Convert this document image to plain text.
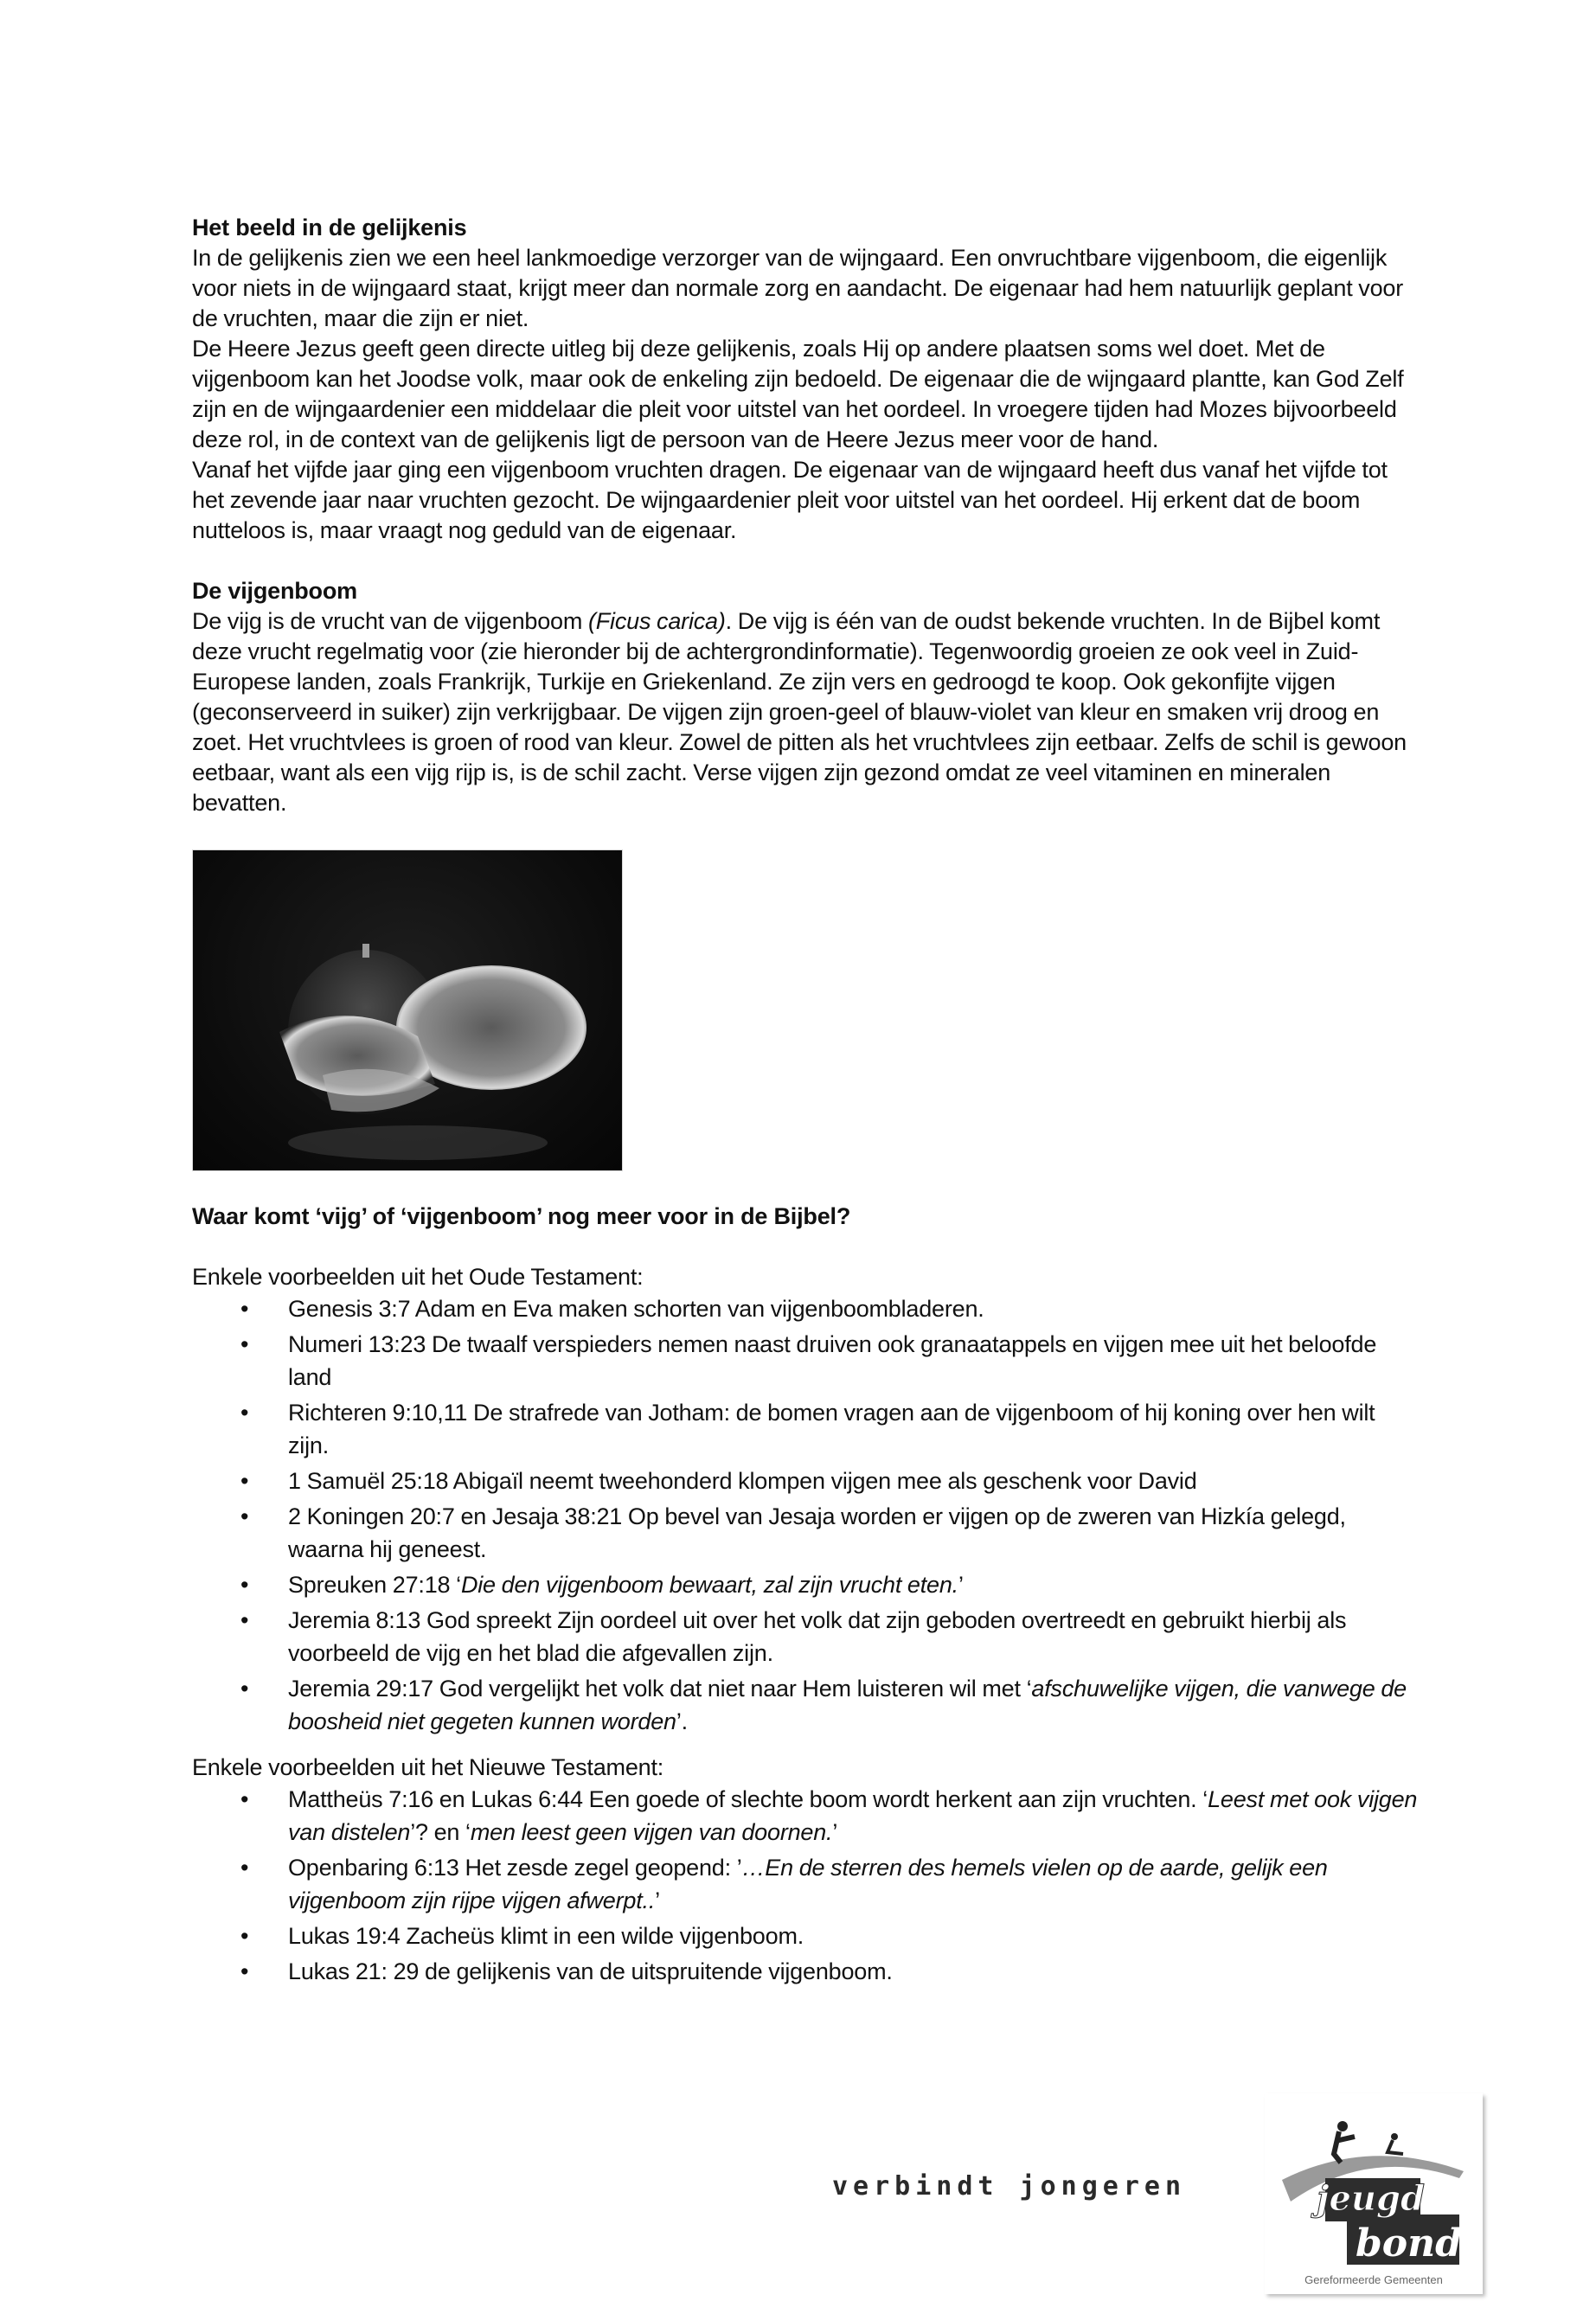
Het beeld in de gelijkenis

In de gelijkenis zien we een heel lankmoedige verzorger van de wijngaard. Een onvruchtbare vijgenboom, die eigenlijk voor niets in de wijngaard staat, krijgt meer dan normale zorg en aandacht. De eigenaar had hem natuurlijk geplant voor de vruchten, maar die zijn er niet.

De Heere Jezus geeft geen directe uitleg bij deze gelijkenis, zoals Hij op andere plaatsen soms wel doet. Met de vijgenboom kan het Joodse volk, maar ook de enkeling zijn bedoeld. De eigenaar die de wijngaard plantte, kan God Zelf zijn en de wijngaardenier een middelaar die pleit voor uitstel van het oordeel. In vroegere tijden had Mozes bijvoorbeeld deze rol, in de context van de gelijkenis ligt de persoon van de Heere Jezus meer voor de hand.

Vanaf het vijfde jaar ging een vijgenboom vruchten dragen. De eigenaar van de wijngaard heeft dus vanaf het vijfde tot het zevende jaar naar vruchten gezocht. De wijngaardenier pleit voor uitstel van het oordeel. Hij erkent dat de boom nutteloos is, maar vraagt nog geduld van de eigenaar.

De vijgenboom

De vijg is de vrucht van de vijgenboom (Ficus carica). De vijg is één van de oudst bekende vruchten. In de Bijbel komt deze vrucht regelmatig voor (zie hieronder bij de achtergrondinformatie). Tegenwoordig groeien ze ook veel in Zuid-Europese landen, zoals Frankrijk, Turkije en Griekenland. Ze zijn vers en gedroogd te koop. Ook gekonfijte vijgen (geconserveerd in suiker) zijn verkrijgbaar. De vijgen zijn groen-geel of blauw-violet van kleur en smaken vrij droog en zoet. Het vruchtvlees is groen of rood van kleur. Zowel de pitten als het vruchtvlees zijn eetbaar. Zelfs de schil is gewoon eetbaar, want als een vijg rijp is, is de schil zacht. Verse vijgen zijn gezond omdat ze veel vitaminen en mineralen bevatten.

Waar komt ‘vijg’ of ‘vijgenboom’ nog meer voor in de Bijbel?

Enkele voorbeelden uit het Oude Testament:

• Genesis 3:7 Adam en Eva maken schorten van vijgenboombladeren.
• Numeri 13:23 De twaalf verspieders nemen naast druiven ook granaatappels en vijgen mee uit het beloofde land
• Richteren 9:10,11 De strafrede van Jotham: de bomen vragen aan de vijgenboom of hij koning over hen wilt zijn.
• 1 Samuël 25:18 Abigaïl neemt tweehonderd klompen vijgen mee als geschenk voor David
• 2 Koningen 20:7 en Jesaja 38:21 Op bevel van Jesaja worden er vijgen op de zweren van Hizkía gelegd, waarna hij geneest.
• Spreuken 27:18 ‘Die den vijgenboom bewaart, zal zijn vrucht eten.’
• Jeremia 8:13 God spreekt Zijn oordeel uit over het volk dat zijn geboden overtreedt en gebruikt hierbij als voorbeeld de vijg en het blad die afgevallen zijn.
• Jeremia 29:17 God vergelijkt het volk dat niet naar Hem luisteren wil met ‘afschuwelijke vijgen, die vanwege de boosheid niet gegeten kunnen worden’.

Enkele voorbeelden uit het Nieuwe Testament:

• Mattheüs 7:16 en Lukas 6:44 Een goede of slechte boom wordt herkent aan zijn vruchten. ‘Leest met ook vijgen van distelen’? en ‘men leest geen vijgen van doornen.’
• Openbaring 6:13 Het zesde zegel geopend: ’…En de sterren des hemels vielen op de aarde, gelijk een vijgenboom zijn rijpe vijgen afwerpt..’
• Lukas 19:4 Zacheüs klimt in een wilde vijgenboom.
• Lukas 21: 29 de gelijkenis van de uitspruitende vijgenboom.
verbindt jongeren	jeugd
bond
Gereformeerde Gemeenten
